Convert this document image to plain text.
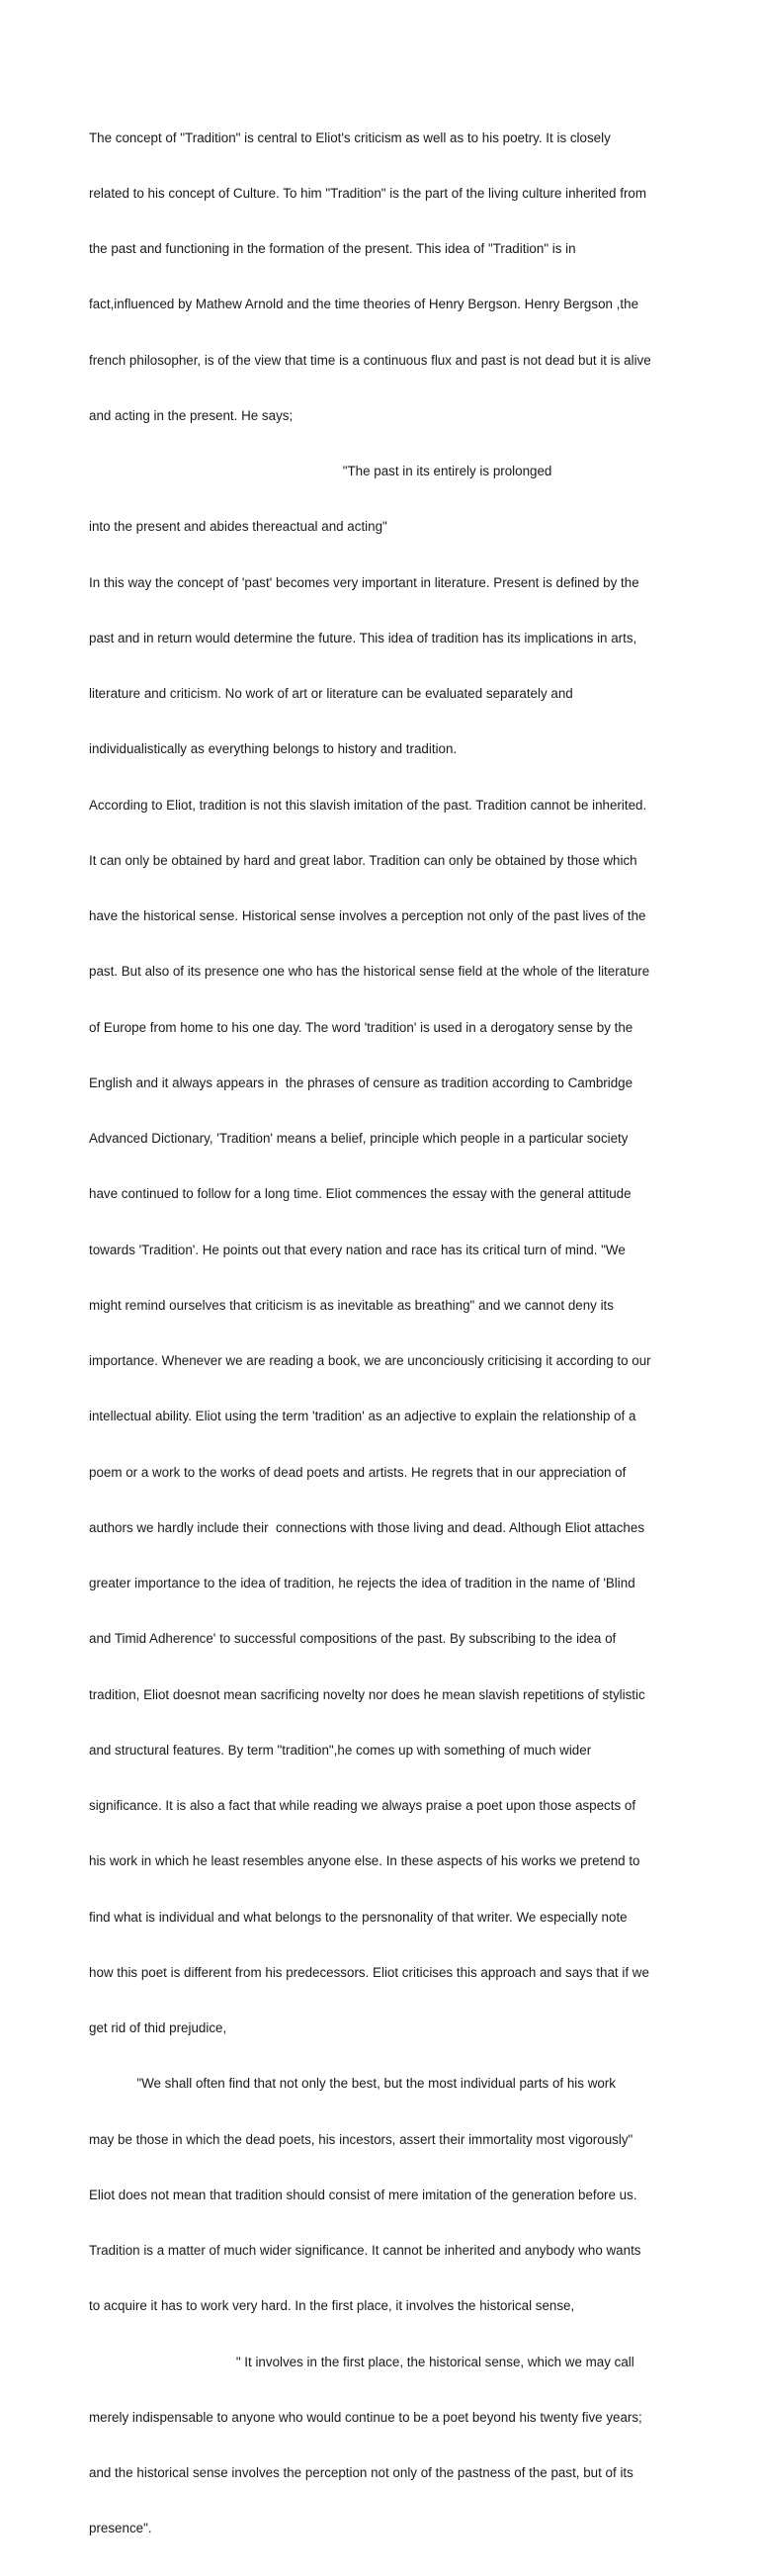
The concept of "Tradition" is central to Eliot's criticism as well as to his poetry. It is closely

related to his concept of Culture. To him "Tradition" is the part of the living culture inherited from

the past and functioning in the formation of the present. This idea of "Tradition" is in

fact,influenced by Mathew Arnold and the time theories of Henry Bergson. Henry Bergson ,the

french philosopher, is of the view that time is a continuous flux and past is not dead but it is alive

and acting in the present. He says;

"The past in its entirely is prolonged

into the present and abides thereactual and acting"

In this way the concept of 'past' becomes very important in literature. Present is defined by the

past and in return would determine the future. This idea of tradition has its implications in arts,

literature and criticism. No work of art or literature can be evaluated separately and

individualistically as everything belongs to history and tradition.

According to Eliot, tradition is not this slavish imitation of the past. Tradition cannot be inherited.

It can only be obtained by hard and great labor. Tradition can only be obtained by those which

have the historical sense. Historical sense involves a perception not only of the past lives of the

past. But also of its presence one who has the historical sense field at the whole of the literature

of Europe from home to his one day. The word 'tradition' is used in a derogatory sense by the

English and it always appears in  the phrases of censure as tradition according to Cambridge

Advanced Dictionary, 'Tradition' means a belief, principle which people in a particular society

have continued to follow for a long time. Eliot commences the essay with the general attitude

towards 'Tradition'. He points out that every nation and race has its critical turn of mind. "We

might remind ourselves that criticism is as inevitable as breathing" and we cannot deny its

importance. Whenever we are reading a book, we are unconciously criticising it according to our

intellectual ability. Eliot using the term 'tradition' as an adjective to explain the relationship of a

poem or a work to the works of dead poets and artists. He regrets that in our appreciation of

authors we hardly include their  connections with those living and dead. Although Eliot attaches

greater importance to the idea of tradition, he rejects the idea of tradition in the name of 'Blind

and Timid Adherence' to successful compositions of the past. By subscribing to the idea of

tradition, Eliot doesnot mean sacrificing novelty nor does he mean slavish repetitions of stylistic

and structural features. By term "tradition",he comes up with something of much wider

significance. It is also a fact that while reading we always praise a poet upon those aspects of

his work in which he least resembles anyone else. In these aspects of his works we pretend to

find what is individual and what belongs to the persnonality of that writer. We especially note

how this poet is different from his predecessors. Eliot criticises this approach and says that if we

get rid of thid prejudice,

"We shall often find that not only the best, but the most individual parts of his work

may be those in which the dead poets, his incestors, assert their immortality most vigorously"

Eliot does not mean that tradition should consist of mere imitation of the generation before us.

Tradition is a matter of much wider significance. It cannot be inherited and anybody who wants

to acquire it has to work very hard. In the first place, it involves the historical sense,

" It involves in the first place, the historical sense, which we may call

merely indispensable to anyone who would continue to be a poet beyond his twenty five years;

and the historical sense involves the perception not only of the pastness of the past, but of its

presence".
